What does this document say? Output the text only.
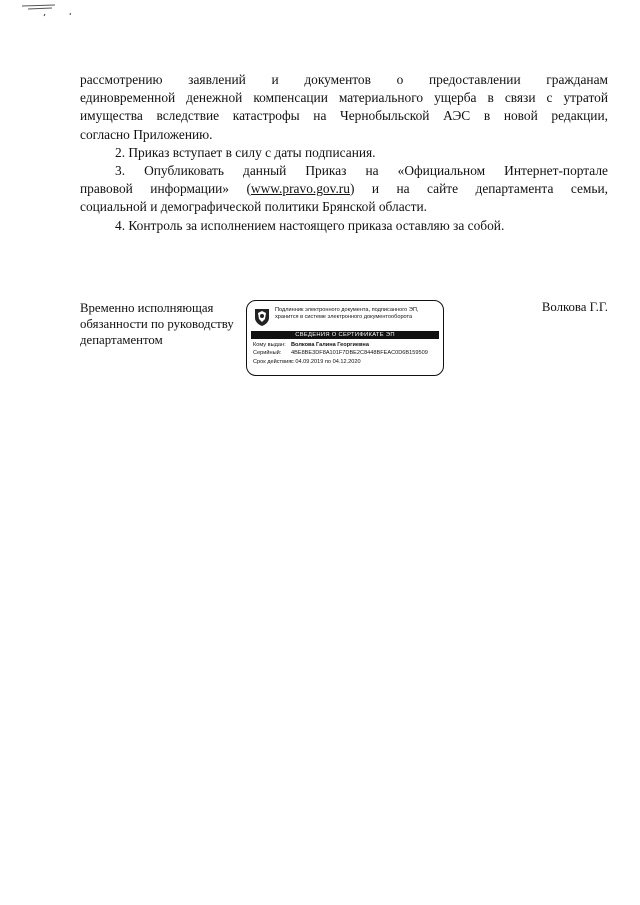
рассмотрению заявлений и документов о предоставлении гражданам

единовременной денежной компенсации материального ущерба в связи с утратой

имущества вследствие катастрофы на Чернобыльской АЭС в новой редакции,

согласно Приложению.

2. Приказ вступает в силу с даты подписания.

3. Опубликовать данный Приказ на «Официальном Интернет-портале

правовой информации» (www.pravo.gov.ru) и на сайте департамента семьи,

социальной и демографической политики Брянской области.

4. Контроль за исполнением настоящего приказа оставляю за собой.

Временно исполняющая
обязанности по руководству
департаментом
Подлинник электронного документа, подписанного ЭП, хранится в системе электронного документооборота
СВЕДЕНИЯ О СЕРТИФИКАТЕ ЭП
Кому выдан: Волкова Галина Георгиевна
Серийный: 4BE8BE3DF8A101F7DBE2C8448BFEAC0D6B159509
Срок действия:с 04.09.2019 по 04.12.2020
Волкова Г.Г.
